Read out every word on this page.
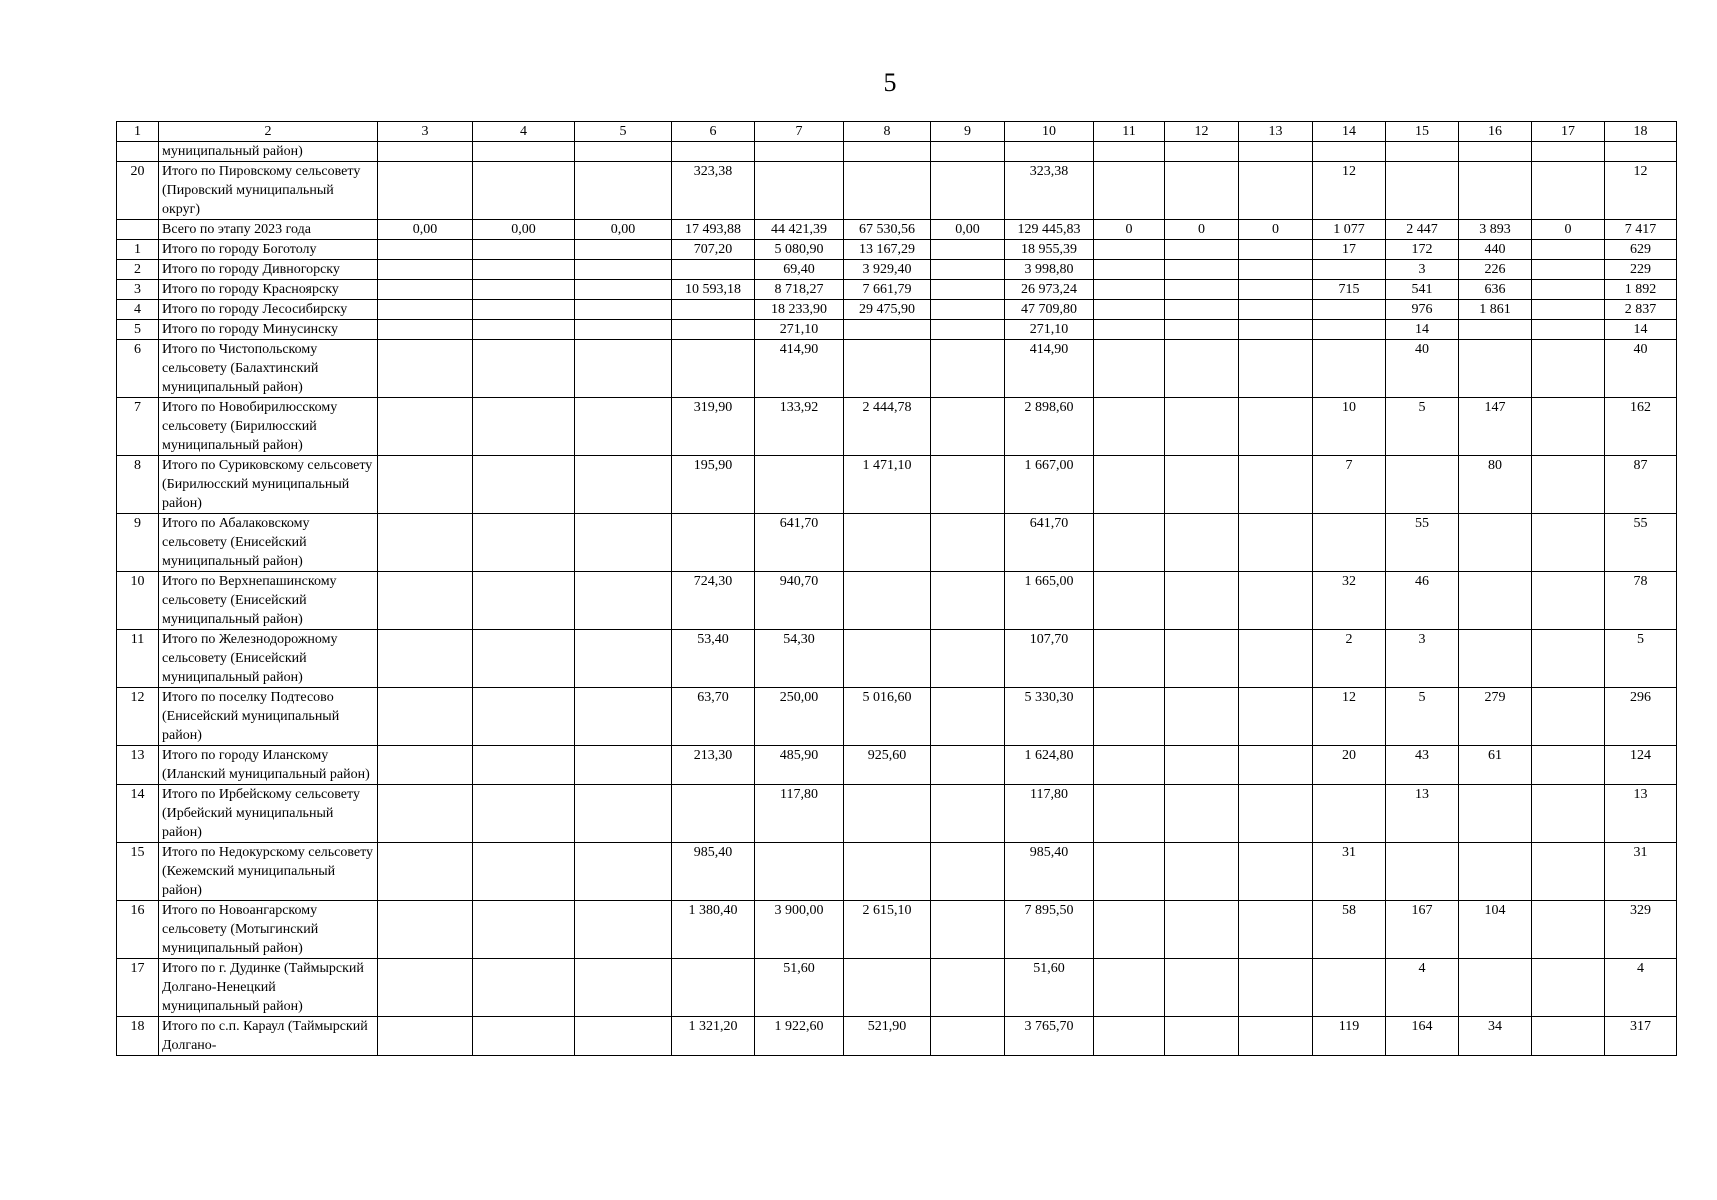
5
1	2	3	4	5	6	7	8	9	10	11	12	13	14	15	16	17	18
	муниципальный район)																
20	Итого по Пировскому сельсовету (Пировский муниципальный округ)				323,38				323,38				12				12
	Всего по этапу 2023 года	0,00	0,00	0,00	17 493,88	44 421,39	67 530,56	0,00	129 445,83	0	0	0	1 077	2 447	3 893	0	7 417
1	Итого по городу Боготолу				707,20	5 080,90	13 167,29		18 955,39				17	172	440		629
2	Итого по городу Дивногорску					69,40	3 929,40		3 998,80					3	226		229
3	Итого по городу Красноярску				10 593,18	8 718,27	7 661,79		26 973,24				715	541	636		1 892
4	Итого по городу Лесосибирску					18 233,90	29 475,90		47 709,80					976	1 861		2 837
5	Итого по городу Минусинску					271,10			271,10					14			14
6	Итого по Чистопольскому сельсовету (Балахтинский муниципальный район)					414,90			414,90					40			40
7	Итого по Новобирилюсскому сельсовету (Бирилюсский муниципальный район)				319,90	133,92	2 444,78		2 898,60				10	5	147		162
8	Итого по Суриковскому сельсовету (Бирилюсский муниципальный район)				195,90		1 471,10		1 667,00				7		80		87
9	Итого по Абалаковскому сельсовету (Енисейский муниципальный район)					641,70			641,70					55			55
10	Итого по Верхнепашинскому сельсовету (Енисейский муниципальный район)				724,30	940,70			1 665,00				32	46			78
11	Итого по Железнодорожному сельсовету (Енисейский муниципальный район)				53,40	54,30			107,70				2	3			5
12	Итого по поселку Подтесово (Енисейский муниципальный район)				63,70	250,00	5 016,60		5 330,30				12	5	279		296
13	Итого по городу Иланскому (Иланский муниципальный район)				213,30	485,90	925,60		1 624,80				20	43	61		124
14	Итого по Ирбейскому сельсовету (Ирбейский муниципальный район)					117,80			117,80					13			13
15	Итого по Недокурскому сельсовету (Кежемский муниципальный район)				985,40				985,40				31				31
16	Итого по Новоангарскому сельсовету (Мотыгинский муниципальный район)				1 380,40	3 900,00	2 615,10		7 895,50				58	167	104		329
17	Итого по г. Дудинке (Таймырский Долгано-Ненецкий муниципальный район)					51,60			51,60					4			4
18	Итого по с.п. Караул (Таймырский Долгано-				1 321,20	1 922,60	521,90		3 765,70				119	164	34		317
